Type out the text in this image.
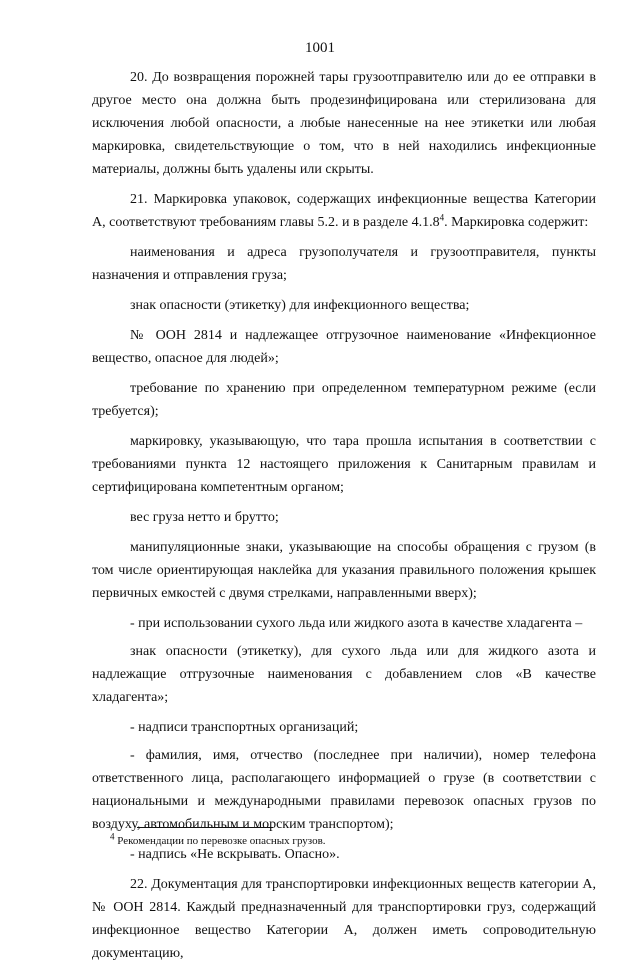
1001

20. До возвращения порожней тары грузоотправителю или до ее отправки в другое место она должна быть продезинфицирована или стерилизована для исключения любой опасности, а любые нанесенные на нее этикетки или любая маркировка, свидетельствующие о том, что в ней находились инфекционные материалы, должны быть удалены или скрыты.

21. Маркировка упаковок, содержащих инфекционные вещества Категории А, соответствуют требованиям главы 5.2. и в разделе 4.1.8$^4$. Маркировка содержит:

наименования и адреса грузополучателя и грузоотправителя, пункты назначения и отправления груза;

знак опасности (этикетку) для инфекционного вещества;

№ ООН 2814 и надлежащее отгрузочное наименование «Инфекционное вещество, опасное для людей»;

требование по хранению при определенном температурном режиме (если требуется);

маркировку, указывающую, что тара прошла испытания в соответствии с требованиями пункта 12 настоящего приложения к Санитарным правилам и сертифицирована компетентным органом;

вес груза нетто и брутто;

манипуляционные знаки, указывающие на способы обращения с грузом (в том числе ориентирующая наклейка для указания правильного положения крышек первичных емкостей с двумя стрелками, направленными вверх);

- при использовании сухого льда или жидкого азота в качестве хладагента –

знак опасности (этикетку), для сухого льда или для жидкого азота и надлежащие отгрузочные наименования с добавлением слов «В качестве хладагента»;

- надписи транспортных организаций;

- фамилия, имя, отчество (последнее при наличии), номер телефона ответственного лица, располагающего информацией о грузе (в соответствии с национальными и международными правилами перевозок опасных грузов по воздуху, автомобильным и морским транспортом);

- надпись «Не вскрывать. Опасно».

22. Документация для транспортировки инфекционных веществ категории А, № ООН 2814. Каждый предназначенный для транспортировки груз, содержащий инфекционное вещество Категории А, должен иметь сопроводительную документацию,

$^4$ Рекомендации по перевозке опасных грузов.
